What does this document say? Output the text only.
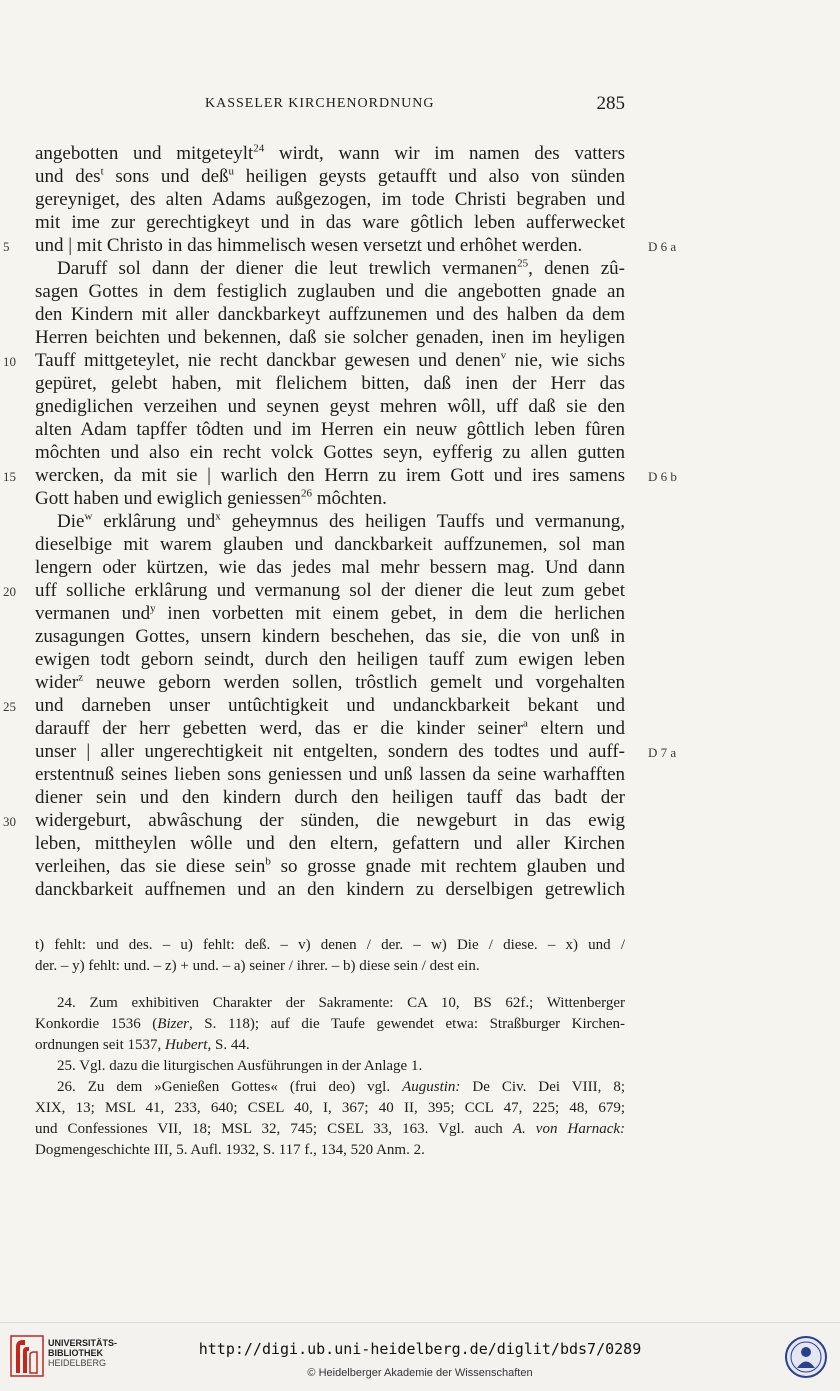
KASSELER KIRCHENORDNUNG	285
angebotten und mitgeteylt$^{24}$ wirdt, wann wir im namen des vatters
und des$^t$ sons und deß$^u$ heiligen geysts getaufft und also von sünden
gereyniget, des alten Adams außgezogen, im tode Christi begraben und
mit ime zur gerechtigkeyt und in das ware gôtlich leben aufferwecket
und | mit Christo in das himmelisch wesen versetzt und erhôhet werden.
5	D 6 a
Daruff sol dann der diener die leut trewlich vermanen$^{25}$, denen zû-
sagen Gottes in dem festiglich zuglauben und die angebotten gnade an
den Kindern mit aller danckbarkeyt auffzunemen und des halben da dem
Herren beichten und bekennen, daß sie solcher genaden, inen im heyligen
Tauff mittgeteylet, nie recht danckbar gewesen und denen$^v$ nie, wie sichs
10
gepüret, gelebt haben, mit flelichem bitten, daß inen der Herr das
gnediglichen verzeihen und seynen geyst mehren wôll, uff daß sie den
alten Adam tapffer tôdten und im Herren ein neuw gôttlich leben fûren
môchten und also ein recht volck Gottes seyn, eyfferig zu allen gutten
wercken, da mit sie | warlich den Herrn zu irem Gott und ires samens
15	D 6 b
Gott haben und ewiglich geniessen$^{26}$ môchten.
Die$^w$ erklârung und$^x$ geheymnus des heiligen Tauffs und vermanung,
dieselbige mit warem glauben und danckbarkeit auffzunemen, sol man
lengern oder kürtzen, wie das jedes mal mehr bessern mag. Und dann
uff solliche erklârung und vermanung sol der diener die leut zum gebet
20
vermanen und$^y$ inen vorbetten mit einem gebet, in dem die herlichen
zusagungen Gottes, unsern kindern beschehen, das sie, die von unß in
ewigen todt geborn seindt, durch den heiligen tauff zum ewigen leben
wider$^z$ neuwe geborn werden sollen, trôstlich gemelt und vorgehalten
und darneben unser untûchtigkeit und undanckbarkeit bekant und
25
darauff der herr gebetten werd, das er die kinder seiner$^a$ eltern und
unser | aller ungerechtigkeit nit entgelten, sondern des todtes und auff- D 7 a
erstentnuß seines lieben sons geniessen und unß lassen da seine warhafften
diener sein und den kindern durch den heiligen tauff das badt der
widergeburt, abwâschung der sünden, die newgeburt in das ewig
30
leben, mittheylen wôlle und den eltern, gefattern und aller Kirchen
verleihen, das sie diese sein$^b$ so grosse gnade mit rechtem glauben und
danckbarkeit auffnemen und an den kindern zu derselbigen getrewlich
t) fehlt: und des. – u) fehlt: deß. – v) denen / der. – w) Die / diese. – x) und /
der. – y) fehlt: und. – z) + und. – a) seiner / ihrer. – b) diese sein / dest ein.
24. Zum exhibitiven Charakter der Sakramente: CA 10, BS 62f.; Wittenberger
Konkordie 1536 (Bizer, S. 118); auf die Taufe gewendet etwa: Straßburger Kirchen-
ordnungen seit 1537, Hubert, S. 44.
25. Vgl. dazu die liturgischen Ausführungen in der Anlage 1.
26. Zu dem »Genießen Gottes« (frui deo) vgl. Augustin: De Civ. Dei VIII, 8;
XIX, 13; MSL 41, 233, 640; CSEL 40, I, 367; 40 II, 395; CCL 47, 225; 48, 679;
und Confessiones VII, 18; MSL 32, 745; CSEL 33, 163. Vgl. auch A. von Harnack:
Dogmengeschichte III, 5. Aufl. 1932, S. 117 f., 134, 520 Anm. 2.
UNIVERSITÄTS-
BIBLIOTHEK
HEIDELBERG
http://digi.ub.uni-heidelberg.de/diglit/bds7/0289
© Heidelberger Akademie der Wissenschaften
